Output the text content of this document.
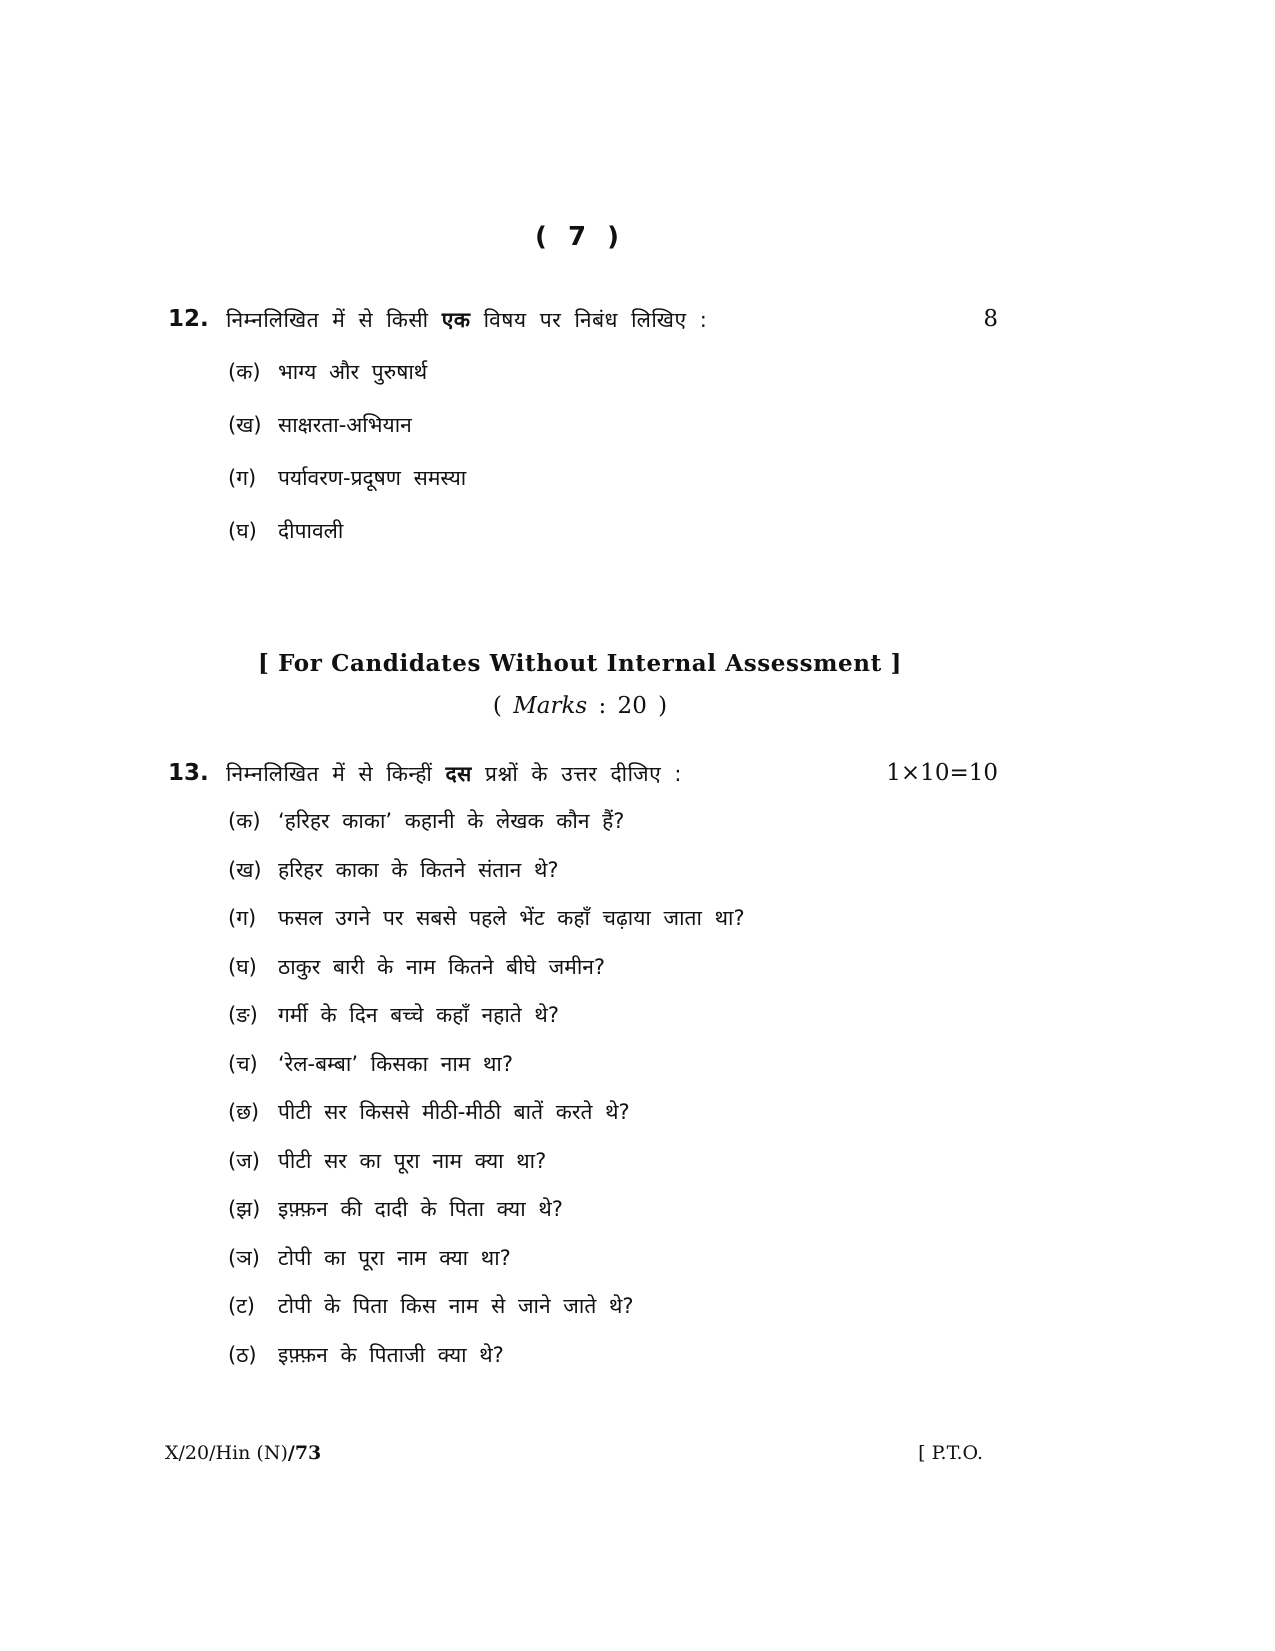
( 7 )
12. निम्नलिखित में से किसी एक विषय पर निबंध लिखिए :	8
(क) भाग्य और पुरुषार्थ
(ख) साक्षरता-अभियान
(ग) पर्यावरण-प्रदूषण समस्या
(घ) दीपावली
[ For Candidates Without Internal Assessment ]
( Marks : 20 )
13. निम्नलिखित में से किन्हीं दस प्रश्नों के उत्तर दीजिए :	1×10=10
(क) ‘हरिहर काका’ कहानी के लेखक कौन हैं?
(ख) हरिहर काका के कितने संतान थे?
(ग) फसल उगने पर सबसे पहले भेंट कहाँ चढ़ाया जाता था?
(घ) ठाकुर बारी के नाम कितने बीघे जमीन?
(ङ) गर्मी के दिन बच्चे कहाँ नहाते थे?
(च) ‘रेल-बम्बा’ किसका नाम था?
(छ) पीटी सर किससे मीठी-मीठी बातें करते थे?
(ज) पीटी सर का पूरा नाम क्या था?
(झ) इफ़्फ़न की दादी के पिता क्या थे?
(ञ) टोपी का पूरा नाम क्या था?
(ट) टोपी के पिता किस नाम से जाने जाते थे?
(ठ) इफ़्फ़न के पिताजी क्या थे?
X/20/Hin (N)/73	[ P.T.O.
